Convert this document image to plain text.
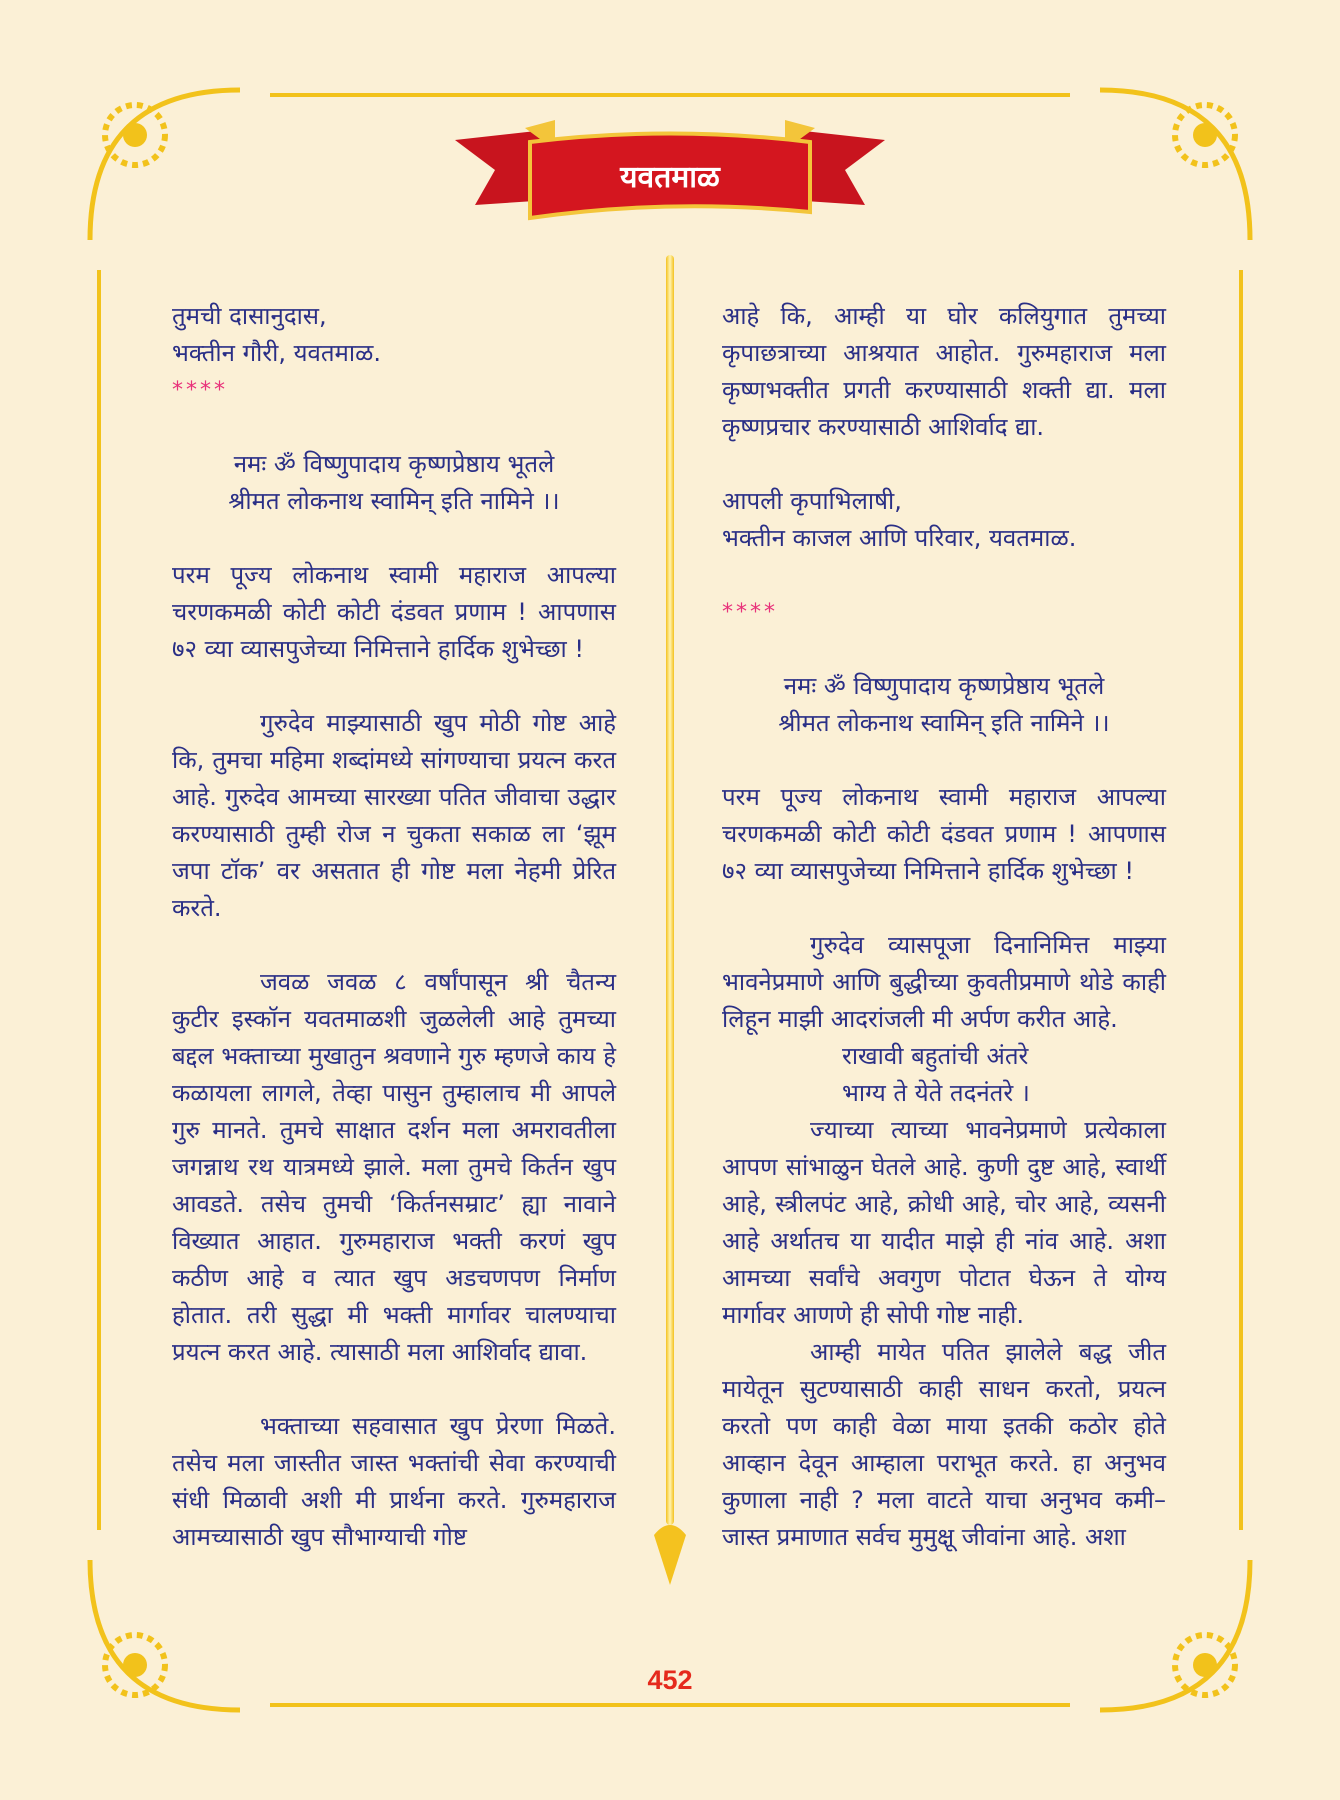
यवतमाळ

तुमची दासानुदास,

भक्तीन गौरी, यवतमाळ.

****

नमः ॐ विष्णुपादाय कृष्णप्रेष्ठाय भूतले

श्रीमत लोकनाथ स्वामिन् इति नामिने ।।

परम पूज्य लोकनाथ स्वामी महाराज आपल्या चरणकमळी कोटी कोटी दंडवत प्रणाम ! आपणास ७२ व्या व्यासपुजेच्या निमित्ताने हार्दिक शुभेच्छा !

गुरुदेव माझ्यासाठी खुप मोठी गोष्ट आहे कि, तुमचा महिमा शब्दांमध्ये सांगण्याचा प्रयत्न करत आहे. गुरुदेव आमच्या सारख्या पतित जीवाचा उद्धार करण्यासाठी तुम्ही रोज न चुकता सकाळ ला ‘झूम जपा टॉक’ वर असतात ही गोष्ट मला नेहमी प्रेरित करते.

जवळ जवळ ८ वर्षांपासून श्री चैतन्य कुटीर इस्कॉन यवतमाळशी जुळलेली आहे तुमच्या बद्दल भक्ताच्या मुखातुन श्रवणाने गुरु म्हणजे काय हे कळायला लागले, तेव्हा पासुन तुम्हालाच मी आपले गुरु मानते. तुमचे साक्षात दर्शन मला अमरावतीला जगन्नाथ रथ यात्रमध्ये झाले. मला तुमचे किर्तन खुप आवडते. तसेच तुमची ‘किर्तनसम्राट’ ह्या नावाने विख्यात आहात. गुरुमहाराज भक्ती करणं खुप कठीण आहे व त्यात खुप अडचणपण निर्माण होतात. तरी सुद्धा मी भक्ती मार्गावर चालण्याचा प्रयत्न करत आहे. त्यासाठी मला आशिर्वाद द्यावा.

भक्ताच्या सहवासात खुप प्रेरणा मिळते. तसेच मला जास्तीत जास्त भक्तांची सेवा करण्याची संधी मिळावी अशी मी प्रार्थना करते. गुरुमहाराज आमच्यासाठी खुप सौभाग्याची गोष्ट

आहे कि, आम्ही या घोर कलियुगात तुमच्या कृपाछत्राच्या आश्रयात आहोत. गुरुमहाराज मला कृष्णभक्तीत प्रगती करण्यासाठी शक्ती द्या. मला कृष्णप्रचार करण्यासाठी आशिर्वाद द्या.

आपली कृपाभिलाषी,

भक्तीन काजल आणि परिवार, यवतमाळ.

****

नमः ॐ विष्णुपादाय कृष्णप्रेष्ठाय भूतले

श्रीमत लोकनाथ स्वामिन् इति नामिने ।।

परम पूज्य लोकनाथ स्वामी महाराज आपल्या चरणकमळी कोटी कोटी दंडवत प्रणाम ! आपणास ७२ व्या व्यासपुजेच्या निमित्ताने हार्दिक शुभेच्छा !

गुरुदेव व्यासपूजा दिनानिमित्त माझ्या भावनेप्रमाणे आणि बुद्धीच्या कुवतीप्रमाणे थोडे काही लिहून माझी आदरांजली मी अर्पण करीत आहे.

राखावी बहुतांची अंतरे

भाग्य ते येते तदनंतरे ।

ज्याच्या त्याच्या भावनेप्रमाणे प्रत्येकाला आपण सांभाळुन घेतले आहे. कुणी दुष्ट आहे, स्वार्थी आहे, स्त्रीलपंट आहे, क्रोधी आहे, चोर आहे, व्यसनी आहे अर्थातच या यादीत माझे ही नांव आहे. अशा आमच्या सर्वांचे अवगुण पोटात घेऊन ते योग्य मार्गावर आणणे ही सोपी गोष्ट नाही.

आम्ही मायेत पतित झालेले बद्ध जीत मायेतून सुटण्यासाठी काही साधन करतो, प्रयत्न करतो पण काही वेळा माया इतकी कठोर होते आव्हान देवून आम्हाला पराभूत करते. हा अनुभव कुणाला नाही ? मला वाटते याचा अनुभव कमी– जास्त प्रमाणात सर्वच मुमुक्षू जीवांना आहे. अशा

452
